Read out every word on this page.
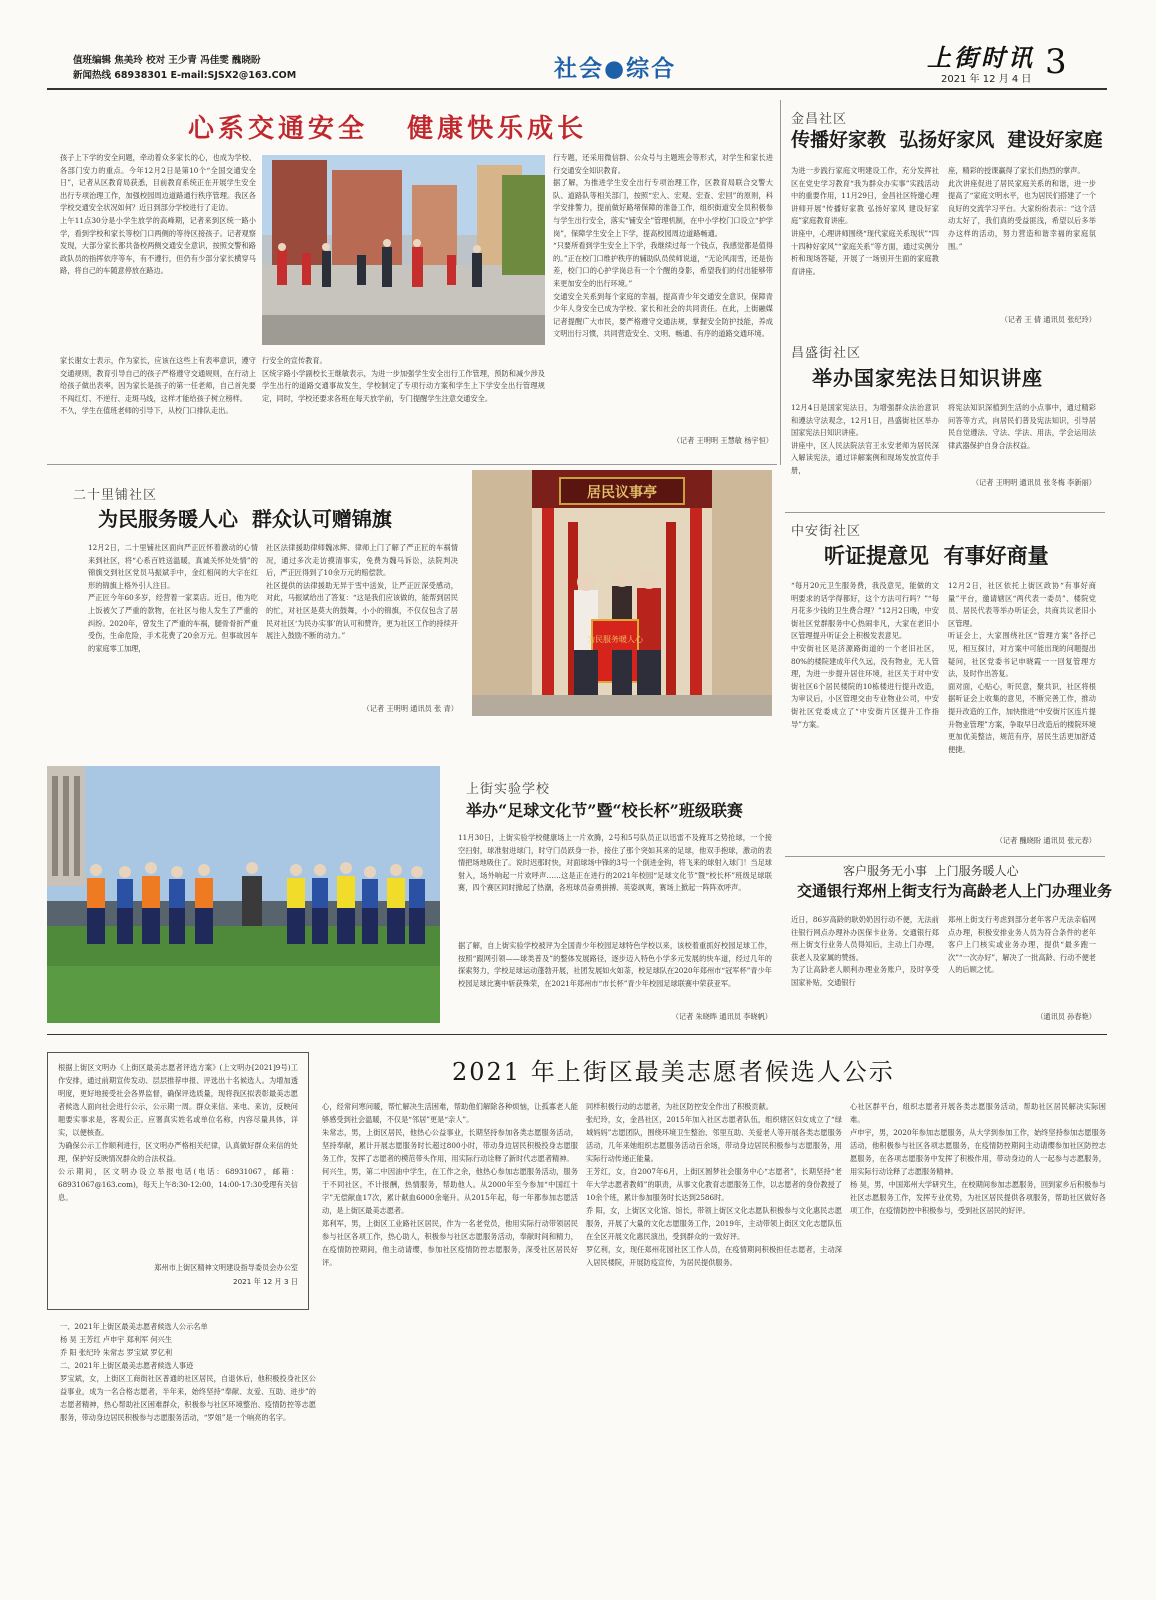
值班编辑 焦美玲 校对 王少青 冯佳雯 醜晓盼
新闻热线 68938301 E-mail:SJSX2@163.COM	社会●综合	上街时讯
2021 年 12 月 4 日 3
心系交通安全   健康快乐成长
孩子上下学的安全问题，牵动着众多家长的心，也成为学校、各部门安力的重点。今年12月2日是第10个“全国交通安全日”，记者从区教育局获悉，目前教育系统正在开展学生安全出行专项治理工作，加强校园周边道路通行秩序管理。我区各学校交通安全状况如何？近日到部分学校进行了走访。
上午11点30分是小学生放学的高峰期，记者来到区统一路小学，看到学校和家长等校门口两侧的等待区接孩子。记者观察发现，大部分家长都共备校两侧交通安全意识，按照交警和路政队员的指挥依序等车，有不遵行，但仍有少部分家长横穿马路，将自己的车随意停放在路边。
家长谢女士表示，作为家长，应该在这些上有表率意识，遵守交通规则，教育引导自己的孩子严格遵守交通规则，在行动上给孩子做出表率，因为家长是孩子的第一任老师，自己首先要不闯红灯、不逆行、走斑马线，这样才能给孩子树立榜样。
不久，学生在值班老师的引导下，从校门口排队走出。
行安全的宣传教育。
区统字路小学副校长王继敏表示，为进一步加强学生安全出行工作管理，预防和减少涉及学生出行的道路交通事故发生，学校制定了专项行动方案和学生上下学安全出行管理规定，同时，学校还要求各班在每天放学前，专门提醒学生注意交通安全。
行专题，还采用微信群、公众号与主题班会等形式，对学生和家长进行交通安全知识教育。
据了解，为推进学生安全出行专项治理工作，区教育局联合交警大队、道路队等相关部门，按照“宏入、宏观、宏查、宏回”的原则，科学安排警力，提前做好路堵保障的准备工作，组织街道安全员积极参与学生出行安全，落实“铺安全”管理机制，在中小学校门口设立“护学岗”，保障学生安全上下学，提高校园周边道路畅通。
“只要所看到学生安全上下学，我继续过每一个钱点，我感觉都是值得的。”正在校门口维护秩序的辅助队员侯师说道，“无论风雨雪，还是伤差，校门口的心护学岗总有一个个醒的身影，希望我们的付出能够带来更加安全的出行环境。”
交通安全关系到每个家庭的幸福，提高青少年交通安全意识，保障青少年人身安全已成为学校、家长和社会的共同责任。在此，上街融媒记者提醒广大市民，要严格遵守交通法规，掌握安全防护技能，养成文明出行习惯，共同营造安全、文明、畅通、有序的道路交通环境。
（记者 王明明 王慧敏 杨宇恒）
金昌社区
传播好家教  弘扬好家风  建设好家庭
为进一步践行家庭文明建设工作，充分发挥社区在党史学习教育“我为群众办实事”实践活动中的重要作用，11月29日，金昌社区特邀心理讲师开展“传播好家教 弘扬好家风 建设好家庭”家庭教育讲座。
讲座中，心理讲师围绕“现代家庭关系现状”“四十四种好家风”“家庭关系”等方面，通过实例分析和现场答疑，开展了一场别开生面的家庭教育讲座。
座，精彩的授课赢得了家长们热烈的掌声。
此次讲座促进了居民家庭关系的和谐，进一步提高了“家庭文明水平，也为居民们搭建了一个良好的交流学习平台。大家纷纷表示：“这个活动太好了，我们真的受益匪浅，希望以后多举办这样的活动，努力营造和谐幸福的家庭氛围。”
（记者 王 倩 通讯员 张纪玲）
昌盛街社区
举办国家宪法日知识讲座
12月4日是国家宪法日，为增强群众法治意识和遵法守法观念，12月1日，昌盛街社区举办国家宪法日知识讲座。
讲座中，区人民法院法官王永安老师为居民深入解读宪法，通过详解案例和现场发放宣传手册，
将宪法知识深植到生活的小点事中，通过精彩问答等方式，向居民们普及宪法知识，引导居民自觉遵法、守法、学法、用法，学会运用法律武器保护自身合法权益。
（记者 王明明 通讯员 张冬梅 李新丽）
二十里铺社区
为民服务暖人心  群众认可赠锦旗
12月2日，二十里铺社区面向严正匠怀着激动的心情来到社区，将“心系百姓送温暖，真诚关怀处处情”的锦旗交到社区党员马振斌手中，金红相间的大字在红形的锦旗上格外引人注目。
严正匠今年60多岁，经营着一家菜店。近日，他为吃上饭被欠了严重的款物，在社区与他人发生了严重的纠纷。2020年，曾发生了严重的车祸，腿骨骨折严重受伤，生命危险，手术花费了20余万元。但事故因车的家庭零工加理，
社区法律援助律师魏冰辉、律师上门了解了严正匠的车祸情况，通过多次走访摸清事实，免费为魏马诉讼，法院判决后，严正匠得到了10余万元的赔偿款。
社区提供的法律援助无异于雪中送炭，让严正匠深受感动，对此，马振斌给出了答复：“这是我们应该做的，能帮到居民的忙，对社区是莫大的鼓舞，小小的锦旗，不仅仅包含了居民对社区‘为民办实事’的认可和赞许，更为社区工作的持续开展注入鼓励不断的动力。”
（记者 王明明 通讯员 张 青）
居民议事亭
为民服务暖人心
中安街社区
听证提意见  有事好商量
“每月20元卫生服务费，我没意见，能做的文明要求的话学得都好，这个方法可行吗？”“每月花多少钱的卫生费合理？”12月2日晚，中安街社区党群服务中心热闹非凡，大家在老旧小区管理提升听证会上积极发表意见。
中安街社区是济源路街道的一个老旧社区，80%的楼院建成年代久远，没有物业，无人管理，为进一步提升居住环境，社区关于对中安街社区6个居民楼院的10栋楼进行提升改造，为审议后，小区管理交由专业物业公司，中安街社区党委成立了“中安街片区提升工作指导”方案。
12月2日，社区依托上街区政协“有事好商量”平台，邀请辖区“两代表一委员”、楼院党员、居民代表等举办听证会，共商共议老旧小区管理。
听证会上，大家围绕社区“管理方案”各抒己见，相互探讨，对方案中可能出现的问题提出疑问，社区党委书记申晓霞一一回复管理方法，及时作出答复。
面对面，心贴心，听民意，聚共识，社区将根据听证会上收集的意见，不断完善工作，推动提升改造的工作，加快推进“中安街片区连片提升物业管理”方案，争取早日改造后的楼院环境更加优美整洁，规范有序，居民生活更加舒适便捷。
（记者 醜晓盼 通讯员 张元春）
上街实验学校
举办“足球文化节”暨“校长杯”班级联赛
11月30日，上街实验学校健康场上一片欢腾，2号和5号队员正以迅雷不及掩耳之势抢球，一个接空扫射，球准射进球门，时守门员跃身一扑，接住了那个突如其来的足球，他双手抱球，激动的表情把场地吸住了。说时迟那时快，对面球场中锋的3号一个倒进金钩，将飞来的球射入球门！当足球射入，场外响起一片欢呼声……这是正在进行的2021年校园“足球文化节”暨“校长杯”班级足球联赛，四个赛区同时掀起了热潮，各班球员奋勇拼搏、英姿飒爽，赛场上掀起一阵阵欢呼声。
据了解，自上街实验学校被评为全国青少年校园足球特色学校以来，该校着重抓好校园足球工作，按照“跟网引领——球类普及”的整体发展路径，逐步迈入特色小学多元发展的快车道，经过几年的探索努力，学校足球运动蓬勃开展，社团发展如火如荼，校足球队在2020年郑州市“冠军杯”青少年校园足球比赛中斩获殊荣，在2021年郑州市“市长杯”青少年校园足球联赛中荣获亚军。
（记者 朱晓晔 通讯员 李晓帆）
客户服务无小事  上门服务暖人心
交通银行郑州上街支行为高龄老人上门办理业务
近日，86岁高龄的耿奶奶因行动不便，无法前往银行网点办理补办医保卡业务。交通银行郑州上街支行业务人员得知后，主动上门办理，获老人及家属的赞扬。
为了让高龄老人顺利办理业务账户，及时享受国家补贴，交通银行
郑州上街支行考虑到部分老年客户无法亲临网点办理，积极安排业务人员为符合条件的老年客户上门核实或业务办理，提供“最多跑一次”“一次办好”，解决了一批高龄、行动不便老人的后顾之忧。
（通讯员 孙春艳）
2021 年上街区最美志愿者候选人公示
根据上街区文明办《上街区最美志愿者评选方案》(上文明办[2021]9号)工作安排，通过前期宣传发动、层层推荐申报、评选出十名候选人。为增加透明度，更好地接受社会各界监督，确保评选质量，现将我区拟表彰最美志愿者候选人面向社会进行公示，公示期一周。群众来信、来电、来访，反映问题要实事求是，客观公正。应署真实姓名或单位名称，内容尽量具体，详实，以便核查。
为确保公示工作顺利进行，区文明办严格相关纪律，认真做好群众来信的处理，保护好反映情况群众的合法权益。
公示期间，区文明办设立举报电话(电话：68931067，邮箱：68931067@163.com)，每天上午8:30-12:00，14:00-17:30受理有关信息。
郑州市上街区精神文明建设指导委员会办公室
2021 年 12 月 3 日
一、2021年上街区最美志愿者候选人公示名单
杨 昊 王芳红 卢申宇 郑利军 何兴生
乔 阳 张纪玲 朱常志 罗宝斌 罗亿利
二、2021年上街区最美志愿者候选人事迹
罗宝斌，女，上街区工商街社区普通的社区居民，自退休后，他积极投身社区公益事业，成为一名合格志愿者，半年来，始终坚持“奉献、友爱、互助、进步”的志愿者精神，热心帮助社区困难群众，积极参与社区环境整治、疫情防控等志愿服务，带动身边居民积极参与志愿服务活动，“罗姐”是一个响亮的名字。
心，经常问寒问暖，帮忙解决生活困难，帮助他们解除各种烦恼，让孤寡老人能够感受到社会温暖，不仅是“邻居”更是“亲人”。
朱常志，男，上街区居民，他热心公益事业，长期坚持参加各类志愿服务活动，坚持奉献，累计开展志愿服务时长超过800小时，带动身边居民积极投身志愿服务工作，发挥了志愿者的模范带头作用，用实际行动诠释了新时代志愿者精神。
何兴生，男，第二中因油中学生，在工作之余，他热心参加志愿服务活动，服务于不同社区，不计报酬，热情服务，帮助他人。从2000年至今参加“中国红十字”无偿献血17次，累计献血6000余毫升。从2015年起，每一年都参加志愿活动，是上街区最美志愿者。
郑利军，男，上街区工业路社区居民，作为一名老党员，他用实际行动带领居民参与社区各项工作，热心助人，积极参与社区志愿服务活动，奉献时间和精力，在疫情防控期间，他主动请缨，参加社区疫情防控志愿服务，深受社区居民好评。
同样积极行动的志愿者，为社区防控安全作出了积极贡献。
张纪玲，女，金昌社区，2015年加入社区志愿者队伍，组织辖区妇女成立了“绿城妈妈”志愿团队，围绕环境卫生整治、邻里互助、关爱老人等开展各类志愿服务活动，几年来她组织志愿服务活动百余场，带动身边居民积极参与志愿服务，用实际行动传递正能量。
王芳红，女，自2007年6月，上街区圆梦社会服务中心“志愿者”，长期坚持“老年大学志愿者教师”的职责，从事文化教育志愿服务工作，以志愿者的身份教授了10余个班，累计参加服务时长达到2586时。
乔 阳，女，上街区文化馆、馆长，带领上街区文化志愿队积极参与文化惠民志愿服务，开展了大量的文化志愿服务工作，2019年，主动带领上街区文化志愿队伍在全区开展文化惠民演出，受到群众的一致好评。
罗亿利，女，现任郑州花园社区工作人员，在疫情期间积极担任志愿者，主动深入居民楼院，开展防疫宣传，为居民提供服务。
心社区群平台，组织志愿者开展各类志愿服务活动，帮助社区居民解决实际困难。
卢申宇，男，2020年参加志愿服务，从大学到参加工作，始终坚持参加志愿服务活动，他积极参与社区各项志愿服务，在疫情防控期间主动请缨参加社区防控志愿服务，在各项志愿服务中发挥了积极作用，带动身边的人一起参与志愿服务，用实际行动诠释了志愿服务精神。
杨 昊，男，中国郑州大学研究生，在校期间参加志愿服务，回到家乡后积极参与社区志愿服务工作，发挥专业优势，为社区居民提供各项服务，帮助社区做好各项工作，在疫情防控中积极参与，受到社区居民的好评。
